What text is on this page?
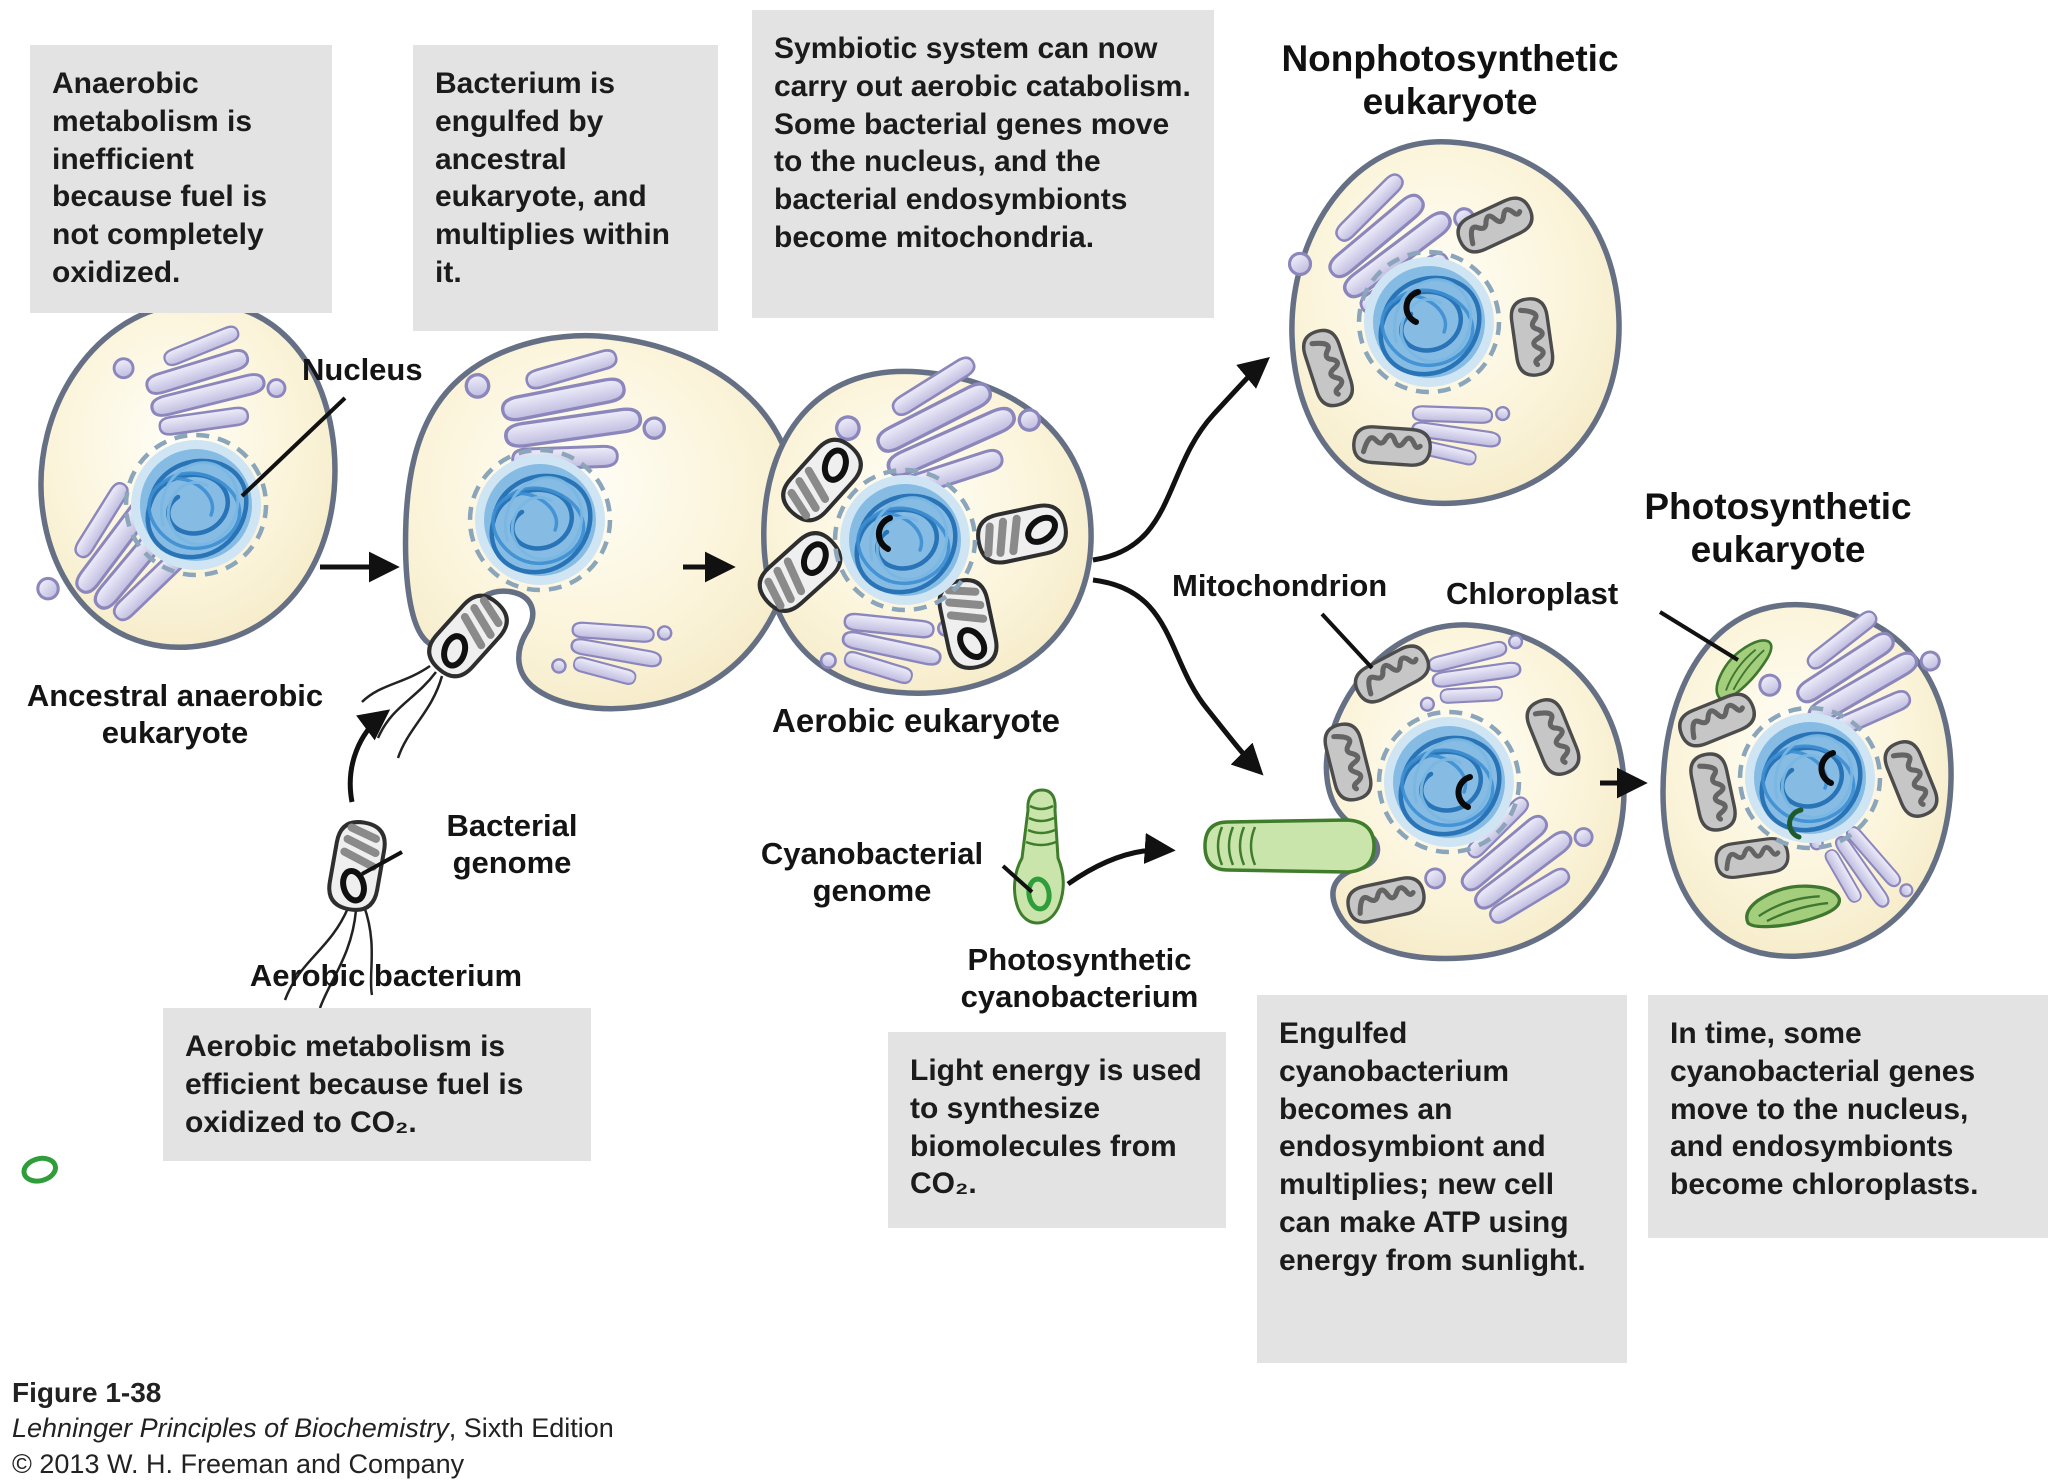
Anaerobic metabolism is inefficient because fuel is not completely oxidized.
Bacterium is engulfed by ancestral eukaryote, and multiplies within it.
Symbiotic system can now carry out aerobic catabolism. Some bacterial genes move to the nucleus, and the bacterial endosymbionts become mitochondria.
Aerobic metabolism is efficient because fuel is oxidized to CO₂.
Light energy is used to synthesize biomolecules from CO₂.
Engulfed cyanobacterium becomes an endosymbiont and multiplies; new cell can make ATP using energy from sunlight.
In time, some cyanobacterial genes move to the nucleus, and endosymbionts become chloroplasts.
Nonphotosynthetic eukaryote
Photosynthetic eukaryote
Nucleus
Ancestral anaerobic eukaryote
Bacterial genome
Aerobic bacterium
Aerobic eukaryote
Mitochondrion Chloroplast
Cyanobacterial genome
Photosynthetic cyanobacterium
Figure 1-38
Lehninger Principles of Biochemistry, Sixth Edition
© 2013 W. H. Freeman and Company
